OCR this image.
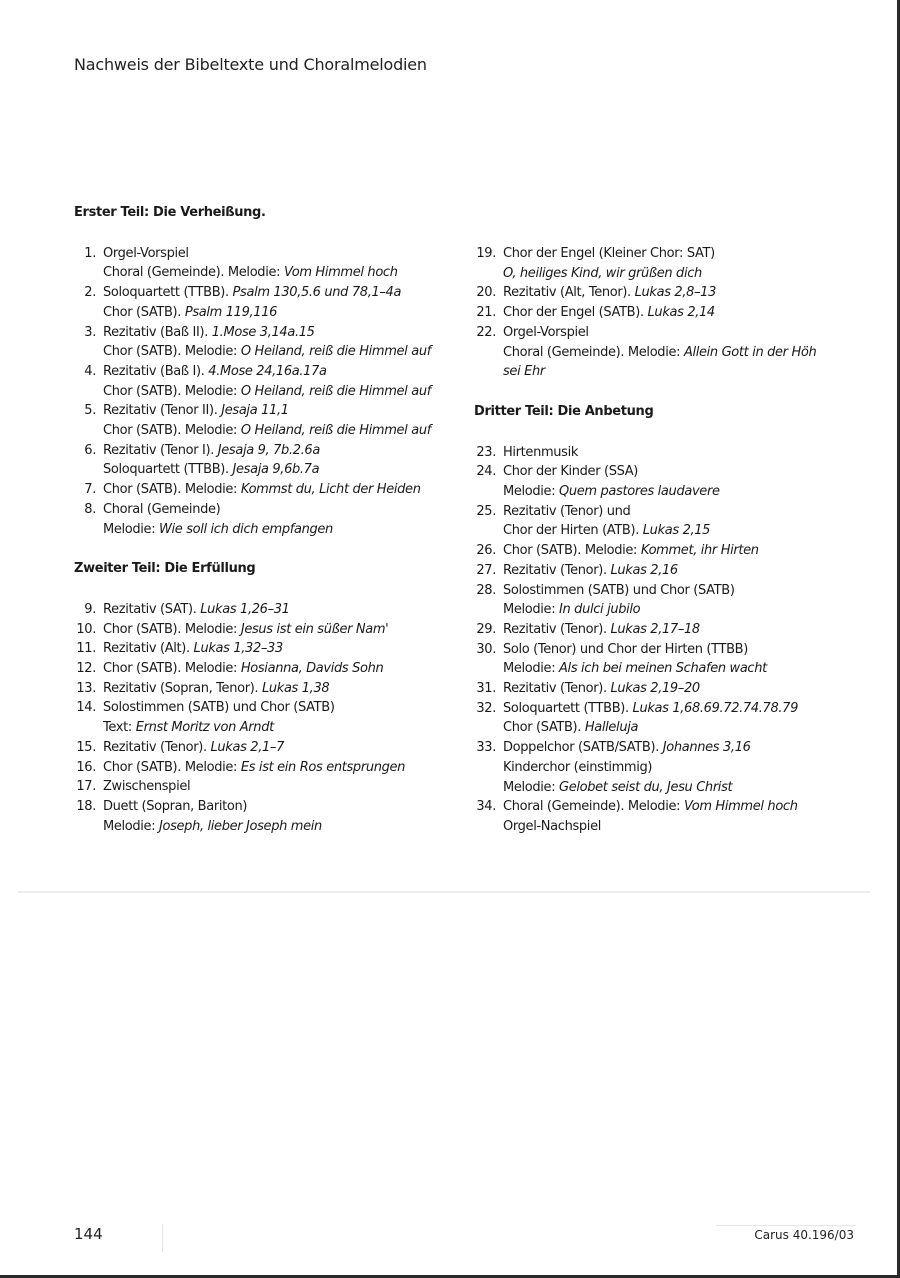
Nachweis der Bibeltexte und Choralmelodien
Erster Teil: Die Verheißung.
1. Orgel-Vorspiel
Choral (Gemeinde). Melodie: Vom Himmel hoch
2. Soloquartett (TTBB). Psalm 130,5.6 und 78,1–4a
Chor (SATB). Psalm 119,116
3. Rezitativ (Baß II). 1.Mose 3,14a.15
Chor (SATB). Melodie: O Heiland, reiß die Himmel auf
4. Rezitativ (Baß I). 4.Mose 24,16a.17a
Chor (SATB). Melodie: O Heiland, reiß die Himmel auf
5. Rezitativ (Tenor II). Jesaja 11,1
Chor (SATB). Melodie: O Heiland, reiß die Himmel auf
6. Rezitativ (Tenor I). Jesaja 9, 7b.2.6a
Soloquartett (TTBB). Jesaja 9,6b.7a
7. Chor (SATB). Melodie: Kommst du, Licht der Heiden
8. Choral (Gemeinde)
Melodie: Wie soll ich dich empfangen
Zweiter Teil: Die Erfüllung
9. Rezitativ (SAT). Lukas 1,26–31
10. Chor (SATB). Melodie: Jesus ist ein süßer Nam'
11. Rezitativ (Alt). Lukas 1,32–33
12. Chor (SATB). Melodie: Hosianna, Davids Sohn
13. Rezitativ (Sopran, Tenor). Lukas 1,38
14. Solostimmen (SATB) und Chor (SATB)
Text: Ernst Moritz von Arndt
15. Rezitativ (Tenor). Lukas 2,1–7
16. Chor (SATB). Melodie: Es ist ein Ros entsprungen
17. Zwischenspiel
18. Duett (Sopran, Bariton)
Melodie: Joseph, lieber Joseph mein
19. Chor der Engel (Kleiner Chor: SAT)
O, heiliges Kind, wir grüßen dich
20. Rezitativ (Alt, Tenor). Lukas 2,8–13
21. Chor der Engel (SATB). Lukas 2,14
22. Orgel-Vorspiel
Choral (Gemeinde). Melodie: Allein Gott in der Höh
sei Ehr
Dritter Teil: Die Anbetung
23. Hirtenmusik
24. Chor der Kinder (SSA)
Melodie: Quem pastores laudavere
25. Rezitativ (Tenor) und
Chor der Hirten (ATB). Lukas 2,15
26. Chor (SATB). Melodie: Kommet, ihr Hirten
27. Rezitativ (Tenor). Lukas 2,16
28. Solostimmen (SATB) und Chor (SATB)
Melodie: In dulci jubilo
29. Rezitativ (Tenor). Lukas 2,17–18
30. Solo (Tenor) und Chor der Hirten (TTBB)
Melodie: Als ich bei meinen Schafen wacht
31. Rezitativ (Tenor). Lukas 2,19–20
32. Soloquartett (TTBB). Lukas 1,68.69.72.74.78.79
Chor (SATB). Halleluja
33. Doppelchor (SATB/SATB). Johannes 3,16
Kinderchor (einstimmig)
Melodie: Gelobet seist du, Jesu Christ
34. Choral (Gemeinde). Melodie: Vom Himmel hoch
Orgel-Nachspiel
144	Carus 40.196/03
